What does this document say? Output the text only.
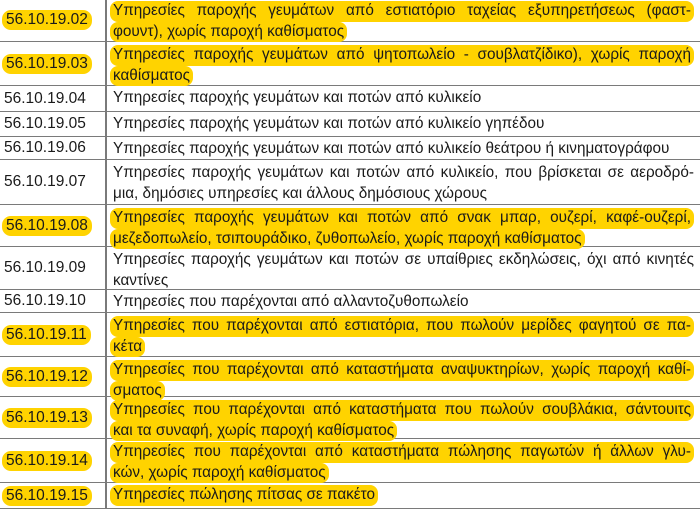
56.10.19.02 Υπηρεσίες παροχής γευμάτων από εστιατόριο ταχείας εξυπηρετήσεως (φαστ-
φουντ), χωρίς παροχή καθίσματος
56.10.19.03 Υπηρεσίες παροχής γευμάτων από ψητοπωλείο - σουβλατζίδικο), χωρίς παροχή
καθίσματος
56.10.19.04 Υπηρεσίες παροχής γευμάτων και ποτών από κυλικείο
56.10.19.05 Υπηρεσίες παροχής γευμάτων και ποτών από κυλικείο γηπέδου
56.10.19.06 Υπηρεσίες παροχής γευμάτων και ποτών από κυλικείο θεάτρου ή κινηματογράφου
56.10.19.07
Υπηρεσίες παροχής γευμάτων και ποτών από κυλικείο, που βρίσκεται σε αεροδρό-
μια, δημόσιες υπηρεσίες και άλλους δημόσιους χώρους
56.10.19.08 Υπηρεσίες παροχής γευμάτων και ποτών από σνακ μπαρ, ουζερί, καφέ-ουζερί,
μεζεδοπωλείο, τσιπουράδικο, ζυθοπωλείο, χωρίς παροχή καθίσματος
56.10.19.09 Υπηρεσίες παροχής γευμάτων και ποτών σε υπαίθριες εκδηλώσεις, όχι από κινητές
καντίνες
56.10.19.10 Υπηρεσίες που παρέχονται από αλλαντοζυθοπωλείο
56.10.19.11 Υπηρεσίες που παρέχονται από εστιατόρια, που πωλούν μερίδες φαγητού σε πα-
κέτα
56.10.19.12 Υπηρεσίες που παρέχονται από καταστήματα αναψυκτηρίων, χωρίς παροχή καθί-
σματος
56.10.19.13 Υπηρεσίες που παρέχονται από καταστήματα που πωλούν σουβλάκια, σάντουιτς
και τα συναφή, χωρίς παροχή καθίσματος
56.10.19.14 Υπηρεσίες που παρέχονται από καταστήματα πώλησης παγωτών ή άλλων γλυ-
κών, χωρίς παροχή καθίσματος
56.10.19.15 Υπηρεσίες πώλησης πίτσας σε πακέτο
